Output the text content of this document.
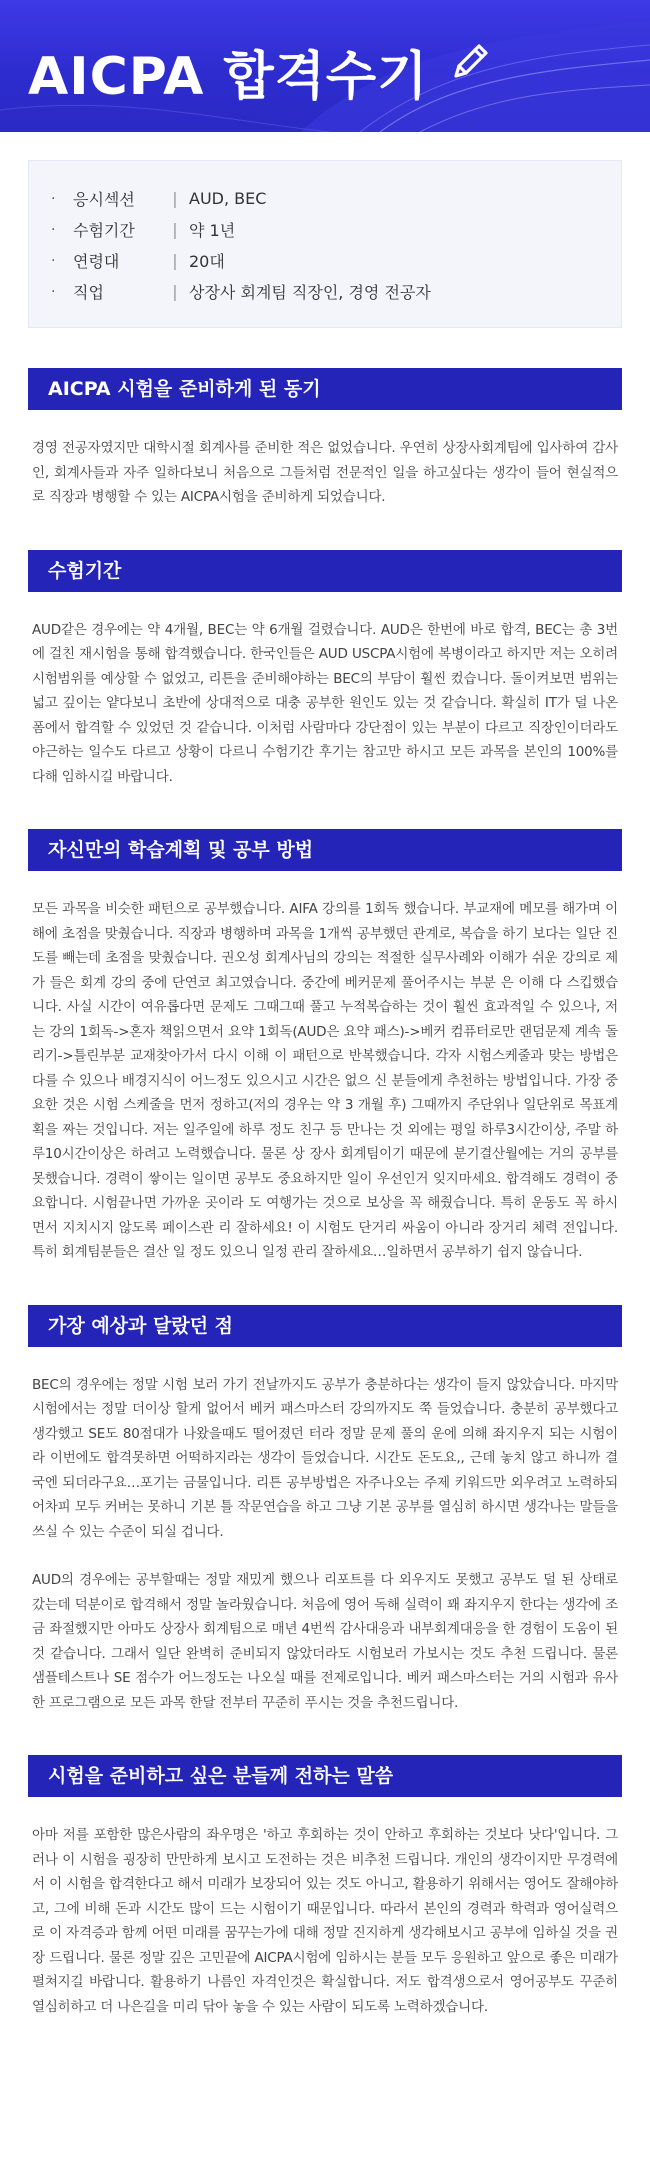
AICPA 합격수기
·	응시섹션	| AUD, BEC
·	수험기간	| 약 1년
·	연령대	| 20대
·	직업	| 상장사 회계팀 직장인, 경영 전공자
AICPA 시험을 준비하게 된 동기

경영 전공자였지만 대학시절 회계사를 준비한 적은 없었습니다. 우연히 상장사회계팀에 입사하여 감사인, 회계사들과 자주 일하다보니 처음으로 그들처럼 전문적인 일을 하고싶다는 생각이 들어 현실적으로 직장과 병행할 수 있는 AICPA시험을 준비하게 되었습니다.

수험기간

AUD같은 경우에는 약 4개월, BEC는 약 6개월 걸렸습니다. AUD은 한번에 바로 합격, BEC는 총 3번에 걸친 재시험을 통해 합격했습니다. 한국인들은 AUD USCPA시험에 복병이라고 하지만 저는 오히려 시험범위를 예상할 수 없었고, 리튼을 준비해야하는 BEC의 부담이 훨씬 컸습니다. 돌이켜보면 범위는 넓고 깊이는 얕다보니 초반에 상대적으로 대충 공부한 원인도 있는 것 같습니다. 확실히 IT가 덜 나온 폼에서 합격할 수 있었던 것 같습니다. 이처럼 사람마다 강단점이 있는 부분이 다르고 직장인이더라도 야근하는 일수도 다르고 상황이 다르니 수험기간 후기는 참고만 하시고 모든 과목을 본인의 100%를 다해 임하시길 바랍니다.

자신만의 학습계획 및 공부 방법

모든 과목을 비슷한 패턴으로 공부했습니다. AIFA 강의를 1회독 했습니다. 부교재에 메모를 해가며 이해에 초점을 맞췄습니다. 직장과 병행하며 과목을 1개씩 공부했던 관계로, 복습을 하기 보다는 일단 진도를 빼는데 초점을 맞췄습니다. 권오성 회계사님의 강의는 적절한 실무사례와 이해가 쉬운 강의로 제가 들은 회계 강의 중에 단연코 최고였습니다. 중간에 베커문제 풀어주시는 부분 은 이해 다 스킵했습니다. 사실 시간이 여유롭다면 문제도 그때그때 풀고 누적복습하는 것이 훨씬 효과적일 수 있으나, 저는 강의 1회독->혼자 책읽으면서 요약 1회독(AUD은 요약 패스)->베커 컴퓨터로만 랜덤문제 계속 돌리기->틀린부분 교재찾아가서 다시 이해 이 패턴으로 반복했습니다. 각자 시험스케줄과 맞는 방법은 다를 수 있으나 배경지식이 어느정도 있으시고 시간은 없으 신 분들에게 추천하는 방법입니다. 가장 중요한 것은 시험 스케줄을 먼저 정하고(저의 경우는 약 3 개월 후) 그때까지 주단위나 일단위로 목표계획을 짜는 것입니다. 저는 일주일에 하루 정도 친구 등 만나는 것 외에는 평일 하루3시간이상, 주말 하루10시간이상은 하려고 노력했습니다. 물론 상 장사 회계팀이기 때문에 분기결산월에는 거의 공부를 못했습니다. 경력이 쌓이는 일이면 공부도 중요하지만 일이 우선인거 잊지마세요. 합격해도 경력이 중요합니다. 시험끝나면 가까운 곳이라 도 여행가는 것으로 보상을 꼭 해줬습니다. 특히 운동도 꼭 하시면서 지치시지 않도록 페이스관 리 잘하세요! 이 시험도 단거리 싸움이 아니라 장거리 체력 전입니다. 특히 회계팀분들은 결산 일 정도 있으니 일정 관리 잘하세요…일하면서 공부하기 쉽지 않습니다.

가장 예상과 달랐던 점

BEC의 경우에는 정말 시험 보러 가기 전날까지도 공부가 충분하다는 생각이 들지 않았습니다. 마지막 시험에서는 정말 더이상 할게 없어서 베커 패스마스터 강의까지도 쭉 들었습니다. 충분히 공부했다고 생각했고 SE도 80점대가 나왔을때도 떨어졌던 터라 정말 문제 풀의 운에 의해 좌지우지 되는 시험이라 이번에도 합격못하면 어떡하지라는 생각이 들었습니다. 시간도 돈도요,, 근데 놓치 않고 하니까 결국엔 되더라구요…포기는 금물입니다. 리튼 공부방법은 자주나오는 주제 키워드만 외우려고 노력하되 어차피 모두 커버는 못하니 기본 틀 작문연습을 하고 그냥 기본 공부를 열심히 하시면 생각나는 말들을 쓰실 수 있는 수준이 되실 겁니다.

AUD의 경우에는 공부할때는 정말 재밌게 했으나 리포트를 다 외우지도 못했고 공부도 덜 된 상태로 갔는데 덕분이로 합격해서 정말 놀라웠습니다. 처음에 영어 독해 실력이 꽤 좌지우지 한다는 생각에 조금 좌절했지만 아마도 상장사 회계팀으로 매년 4번씩 감사대응과 내부회계대응을 한 경험이 도움이 된 것 같습니다. 그래서 일단 완벽히 준비되지 않았더라도 시험보러 가보시는 것도 추천 드립니다. 물론 샘플테스트나 SE 점수가 어느정도는 나오실 때를 전제로입니다. 베커 패스마스터는 거의 시험과 유사한 프로그램으로 모든 과목 한달 전부터 꾸준히 푸시는 것을 추천드립니다.

시험을 준비하고 싶은 분들께 전하는 말씀

아마 저를 포함한 많은사람의 좌우명은 '하고 후회하는 것이 안하고 후회하는 것보다 낫다'입니다. 그러나 이 시험을 굉장히 만만하게 보시고 도전하는 것은 비추천 드립니다. 개인의 생각이지만 무경력에서 이 시험을 합격한다고 해서 미래가 보장되어 있는 것도 아니고, 활용하기 위해서는 영어도 잘해야하고, 그에 비해 돈과 시간도 많이 드는 시험이기 때문입니다. 따라서 본인의 경력과 학력과 영어실력으로 이 자격증과 함께 어떤 미래를 꿈꾸는가에 대해 정말 진지하게 생각해보시고 공부에 임하실 것을 권장 드립니다. 물론 정말 깊은 고민끝에 AICPA시험에 임하시는 분들 모두 응원하고 앞으로 좋은 미래가 펼쳐지길 바랍니다. 활용하기 나름인 자격인것은 확실합니다. 저도 합격생으로서 영어공부도 꾸준히 열심히하고 더 나은길을 미리 닦아 놓을 수 있는 사람이 되도록 노력하겠습니다.
